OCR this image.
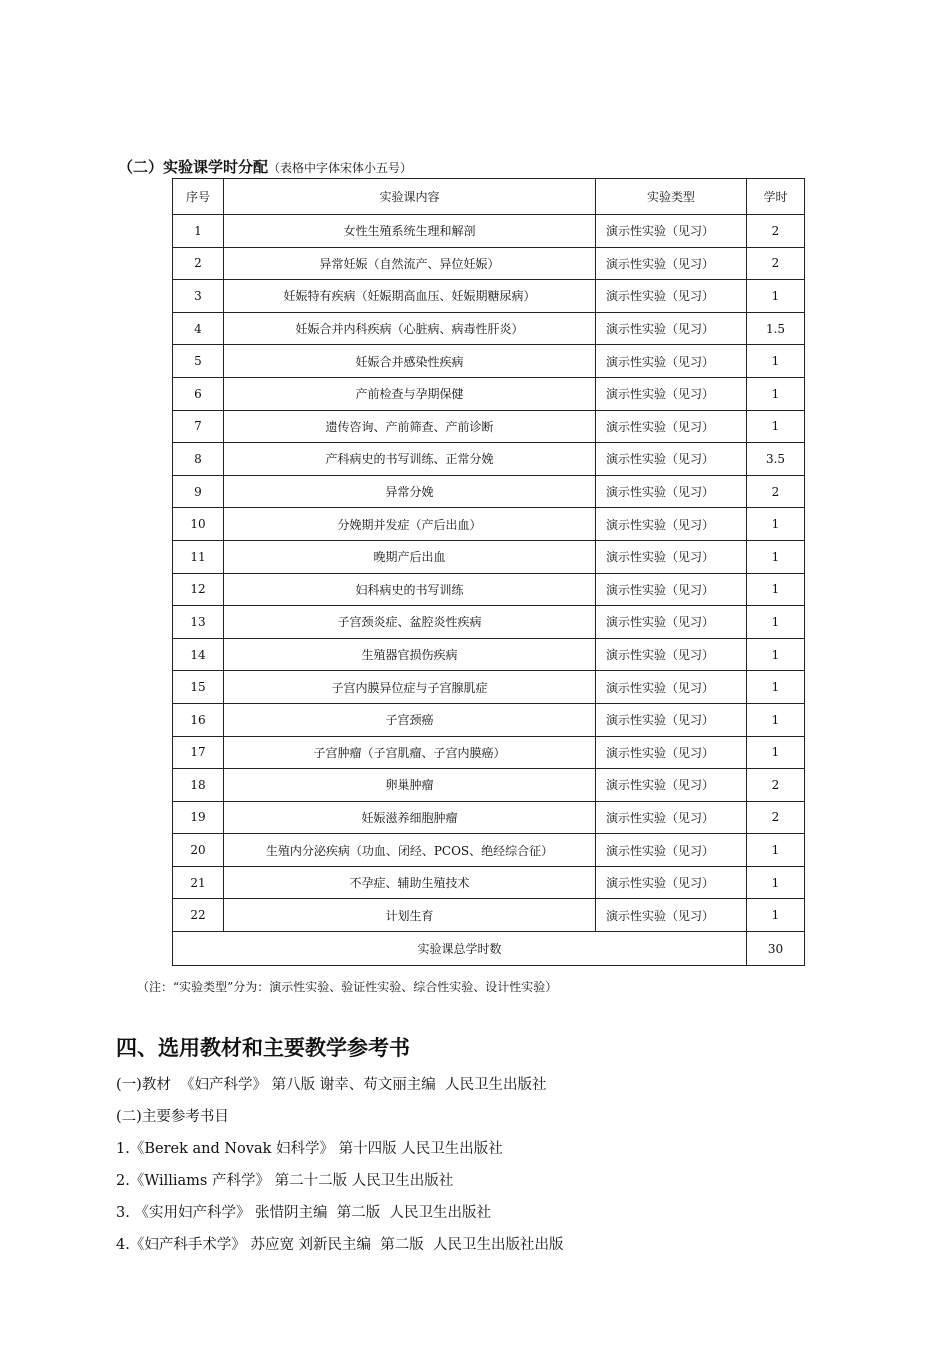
（二）实验课学时分配（表格中字体宋体小五号）
序号	实验课内容	实验类型	学时
1	女性生殖系统生理和解剖	演示性实验（见习）	2
2	异常妊娠（自然流产、异位妊娠）	演示性实验（见习）	2
3	妊娠特有疾病（妊娠期高血压、妊娠期糖尿病）	演示性实验（见习）	1
4	妊娠合并内科疾病（心脏病、病毒性肝炎）	演示性实验（见习）	1.5
5	妊娠合并感染性疾病	演示性实验（见习）	1
6	产前检查与孕期保健	演示性实验（见习）	1
7	遗传咨询、产前筛查、产前诊断	演示性实验（见习）	1
8	产科病史的书写训练、正常分娩	演示性实验（见习）	3.5
9	异常分娩	演示性实验（见习）	2
10	分娩期并发症（产后出血）	演示性实验（见习）	1
11	晚期产后出血	演示性实验（见习）	1
12	妇科病史的书写训练	演示性实验（见习）	1
13	子宫颈炎症、盆腔炎性疾病	演示性实验（见习）	1
14	生殖器官损伤疾病	演示性实验（见习）	1
15	子宫内膜异位症与子宫腺肌症	演示性实验（见习）	1
16	子宫颈癌	演示性实验（见习）	1
17	子宫肿瘤（子宫肌瘤、子宫内膜癌）	演示性实验（见习）	1
18	卵巢肿瘤	演示性实验（见习）	2
19	妊娠滋养细胞肿瘤	演示性实验（见习）	2
20	生殖内分泌疾病（功血、闭经、PCOS、绝经综合征）	演示性实验（见习）	1
21	不孕症、辅助生殖技术	演示性实验（见习）	1
22	计划生育	演示性实验（见习）	1
实验课总学时数			30
（注：“实验类型”分为：演示性实验、验证性实验、综合性实验、设计性实验）
四、选用教材和主要教学参考书
(一)教材  《妇产科学》 第八版 谢幸、苟文丽主编  人民卫生出版社
(二)主要参考书目
1.《Berek and Novak 妇科学》 第十四版 人民卫生出版社
2.《Williams 产科学》 第二十二版 人民卫生出版社
3. 《实用妇产科学》 张惜阴主编  第二版  人民卫生出版社
4.《妇产科手术学》 苏应宽 刘新民主编  第二版  人民卫生出版社出版
